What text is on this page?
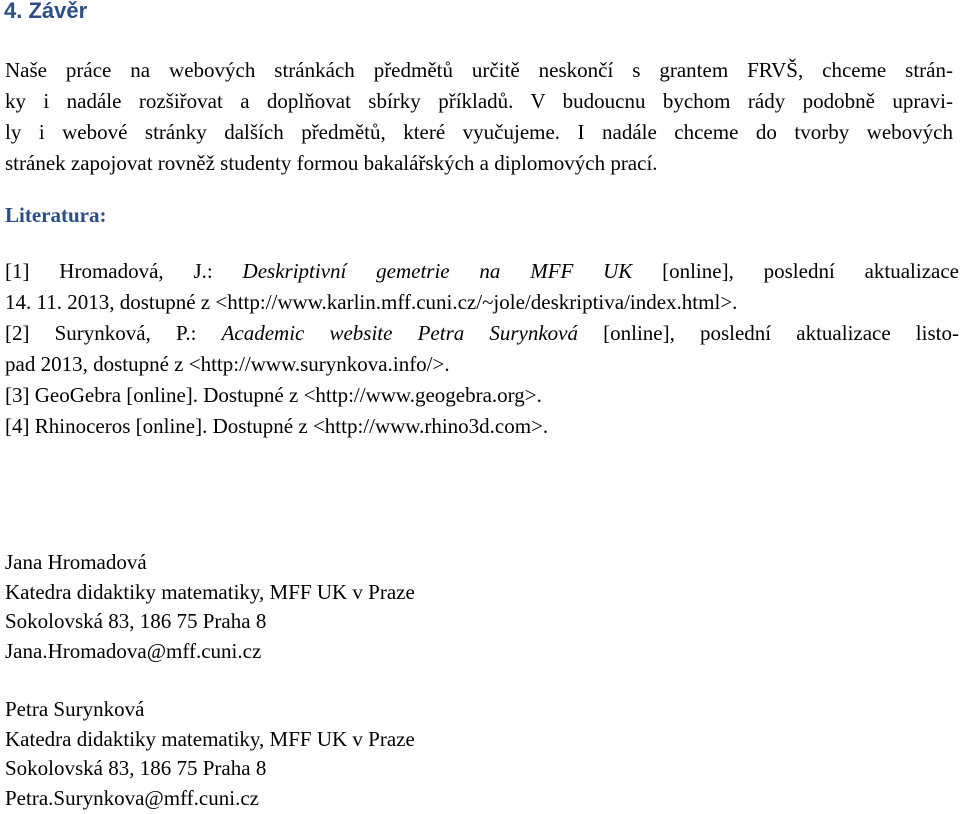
4. Závěr
Naše práce na webových stránkách předmětů určitě neskončí s grantem FRVŠ, chceme strán-
ky i nadále rozšiřovat a doplňovat sbírky příkladů. V budoucnu bychom rády podobně upravi-
ly i webové stránky dalších předmětů, které vyučujeme. I nadále chceme do tvorby webových
stránek zapojovat rovněž studenty formou bakalářských a diplomových prací.
Literatura:
[1] Hromadová, J.: Deskriptivní gemetrie na MFF UK [online], poslední aktualizace
14. 11. 2013, dostupné z <http://www.karlin.mff.cuni.cz/~jole/deskriptiva/index.html>.
[2] Surynková, P.: Academic website Petra Surynková [online], poslední aktualizace listo-
pad 2013, dostupné z <http://www.surynkova.info/>.
[3] GeoGebra [online]. Dostupné z <http://www.geogebra.org>.
[4] Rhinoceros [online]. Dostupné z <http://www.rhino3d.com>.
Jana Hromadová
Katedra didaktiky matematiky, MFF UK v Praze
Sokolovská 83, 186 75 Praha 8
Jana.Hromadova@mff.cuni.cz
Petra Surynková
Katedra didaktiky matematiky, MFF UK v Praze
Sokolovská 83, 186 75 Praha 8
Petra.Surynkova@mff.cuni.cz
